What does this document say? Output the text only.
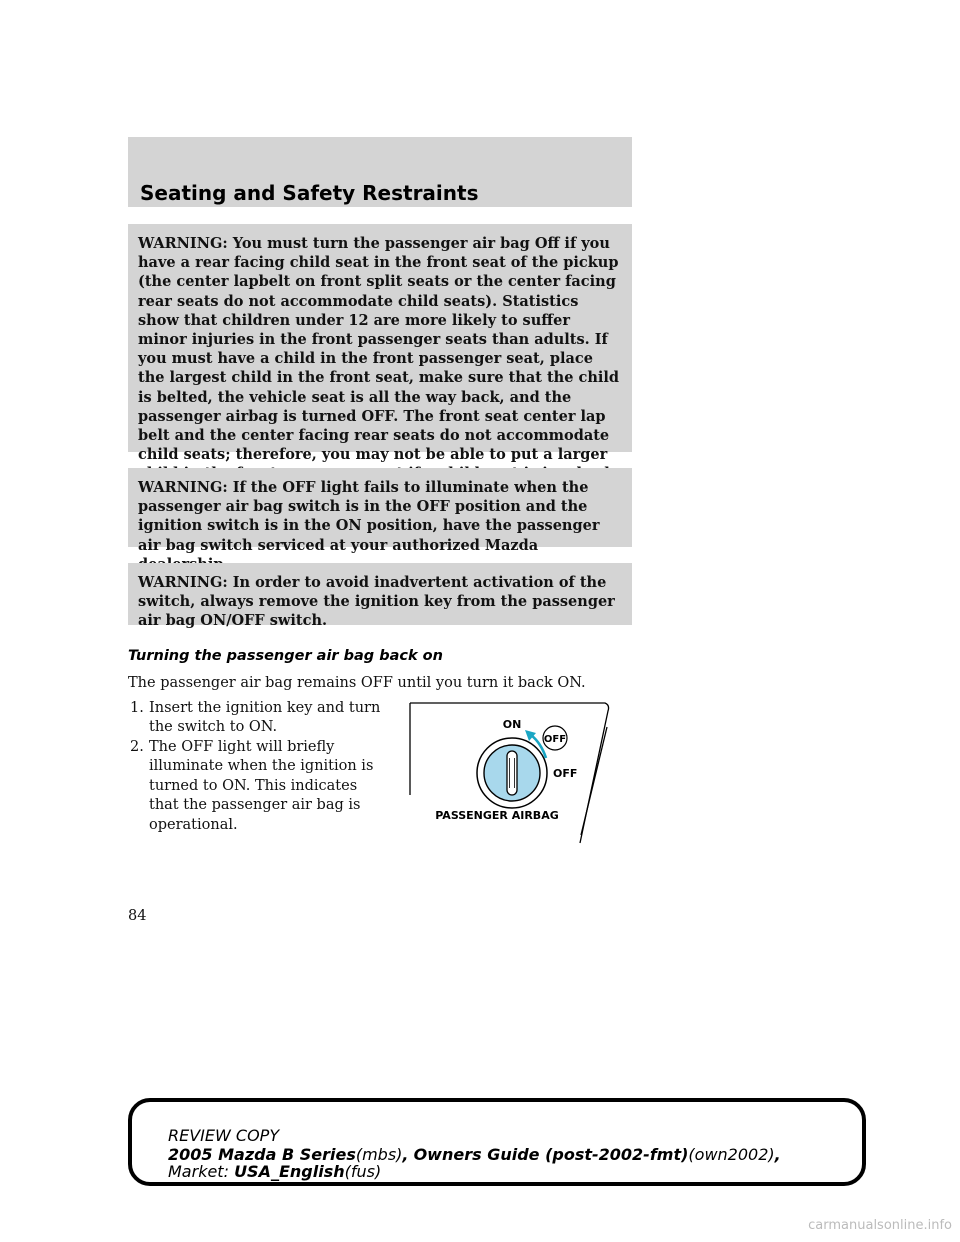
Seating and Safety Restraints
WARNING: You must turn the passenger air bag Off if you have a rear facing child seat in the front seat of the pickup (the center lapbelt on front split seats or the center facing rear seats do not accommodate child seats). Statistics show that children under 12 are more likely to suffer minor injuries in the front passenger seats than adults. If you must have a child in the front passenger seat, place the largest child in the front seat, make sure that the child is belted, the vehicle seat is all the way back, and the passenger airbag is turned OFF. The front seat center lap belt and the center facing rear seats do not accommodate child seats; therefore, you may not be able to put a larger
WARNING: If the OFF light fails to illuminate when the passenger air bag switch is in the OFF position and the ignition switch is in the ON position, have the passenger air bag switch serviced at your authorized Mazda
WARNING: In order to avoid inadvertent activation of the switch, always remove the ignition key from the passenger air bag ON/OFF switch.
Turning the passenger air bag back on
The passenger air bag remains OFF until you turn it back ON.
1. Insert the ignition key and turn the switch to ON.
2. The OFF light will briefly illuminate when the ignition is turned to ON. This indicates that the passenger air bag is operational.
ON
OFF
OFF
PASSENGER AIRBAG
84
REVIEW COPY
2005 Mazda B Series(mbs), Owners Guide (post-2002-fmt)(own2002),
Market: USA_English(fus)
carmanualsonline.info
